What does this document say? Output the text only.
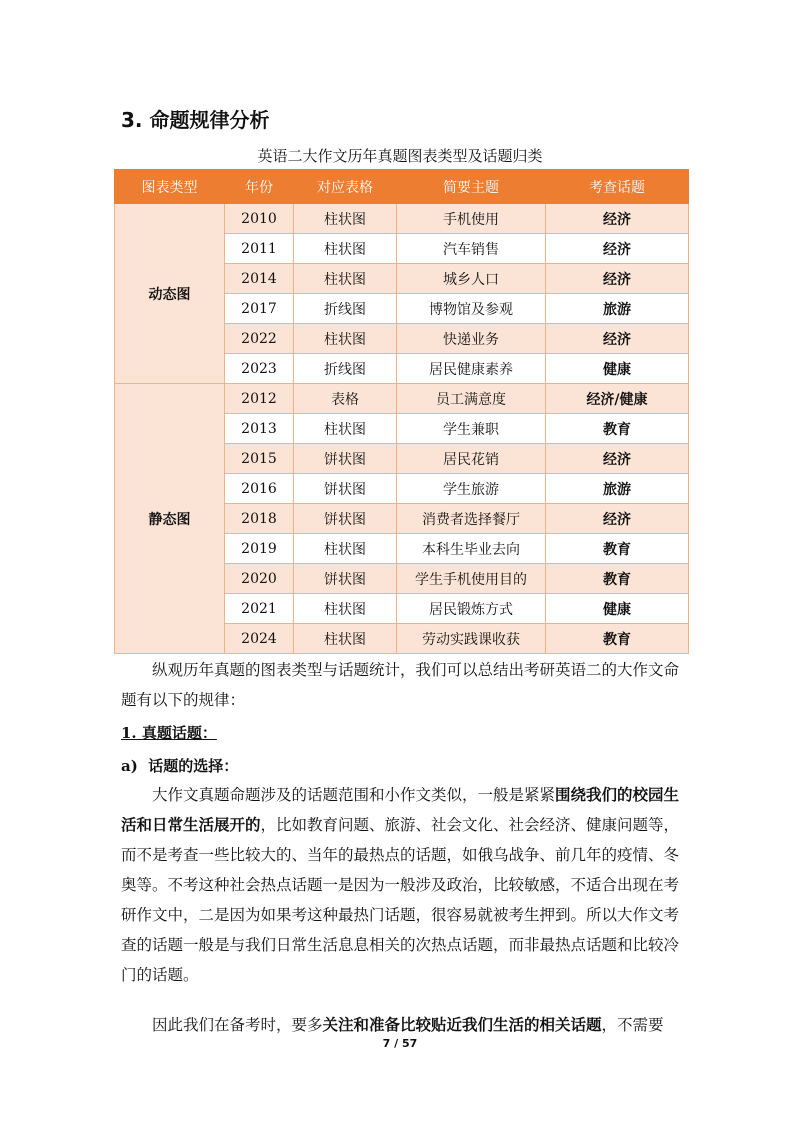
3. 命题规律分析
英语二大作文历年真题图表类型及话题归类
图表类型	年份	对应表格	简要主题	考查话题
动态图	2010	柱状图	手机使用	经济
	2011	柱状图	汽车销售	经济
	2014	柱状图	城乡人口	经济
	2017	折线图	博物馆及参观	旅游
	2022	柱状图	快递业务	经济
	2023	折线图	居民健康素养	健康
静态图	2012	表格	员工满意度	经济/健康
	2013	柱状图	学生兼职	教育
	2015	饼状图	居民花销	经济
	2016	饼状图	学生旅游	旅游
	2018	饼状图	消费者选择餐厅	经济
	2019	柱状图	本科生毕业去向	教育
	2020	饼状图	学生手机使用目的	教育
	2021	柱状图	居民锻炼方式	健康
	2024	柱状图	劳动实践课收获	教育

纵观历年真题的图表类型与话题统计，我们可以总结出考研英语二的大作文命题有以下的规律：

1. 真题话题：
a)  话题的选择：

大作文真题命题涉及的话题范围和小作文类似，一般是紧紧围绕我们的校园生活和日常生活展开的，比如教育问题、旅游、社会文化、社会经济、健康问题等，而不是考查一些比较大的、当年的最热点的话题，如俄乌战争、前几年的疫情、冬奥等。不考这种社会热点话题一是因为一般涉及政治，比较敏感，不适合出现在考研作文中，二是因为如果考这种最热门话题，很容易就被考生押到。所以大作文考查的话题一般是与我们日常生活息息相关的次热点话题，而非最热点话题和比较冷门的话题。

因此我们在备考时，要多关注和准备比较贴近我们生活的相关话题，不需要

7 / 57
